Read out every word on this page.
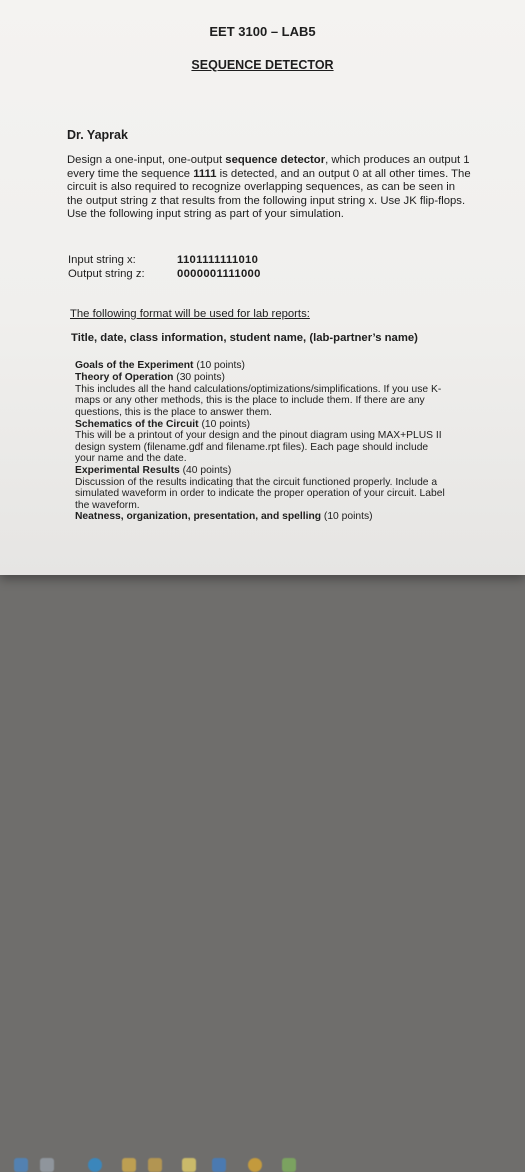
EET 3100 – LAB5
SEQUENCE DETECTOR
Dr. Yaprak
Design a one-input, one-output sequence detector, which produces an output 1
every time the sequence 1111 is detected, and an output 0 at all other times. The
circuit is also required to recognize overlapping sequences, as can be seen in
the output string z that results from the following input string x. Use JK flip-flops.
Use the following input string as part of your simulation.
Input string x:	1101111111010
Output string z:	0000001111000
The following format will be used for lab reports:
Title, date, class information, student name, (lab-partner’s name)
Goals of the Experiment (10 points)
Theory of Operation (30 points)
This includes all the hand calculations/optimizations/simplifications. If you use K-
maps or any other methods, this is the place to include them. If there are any
questions, this is the place to answer them.
Schematics of the Circuit (10 points)
This will be a printout of your design and the pinout diagram using MAX+PLUS II
design system (filename.gdf and filename.rpt files). Each page should include
your name and the date.
Experimental Results (40 points)
Discussion of the results indicating that the circuit functioned properly. Include a
simulated waveform in order to indicate the proper operation of your circuit. Label
the waveform.
Neatness, organization, presentation, and spelling (10 points)
